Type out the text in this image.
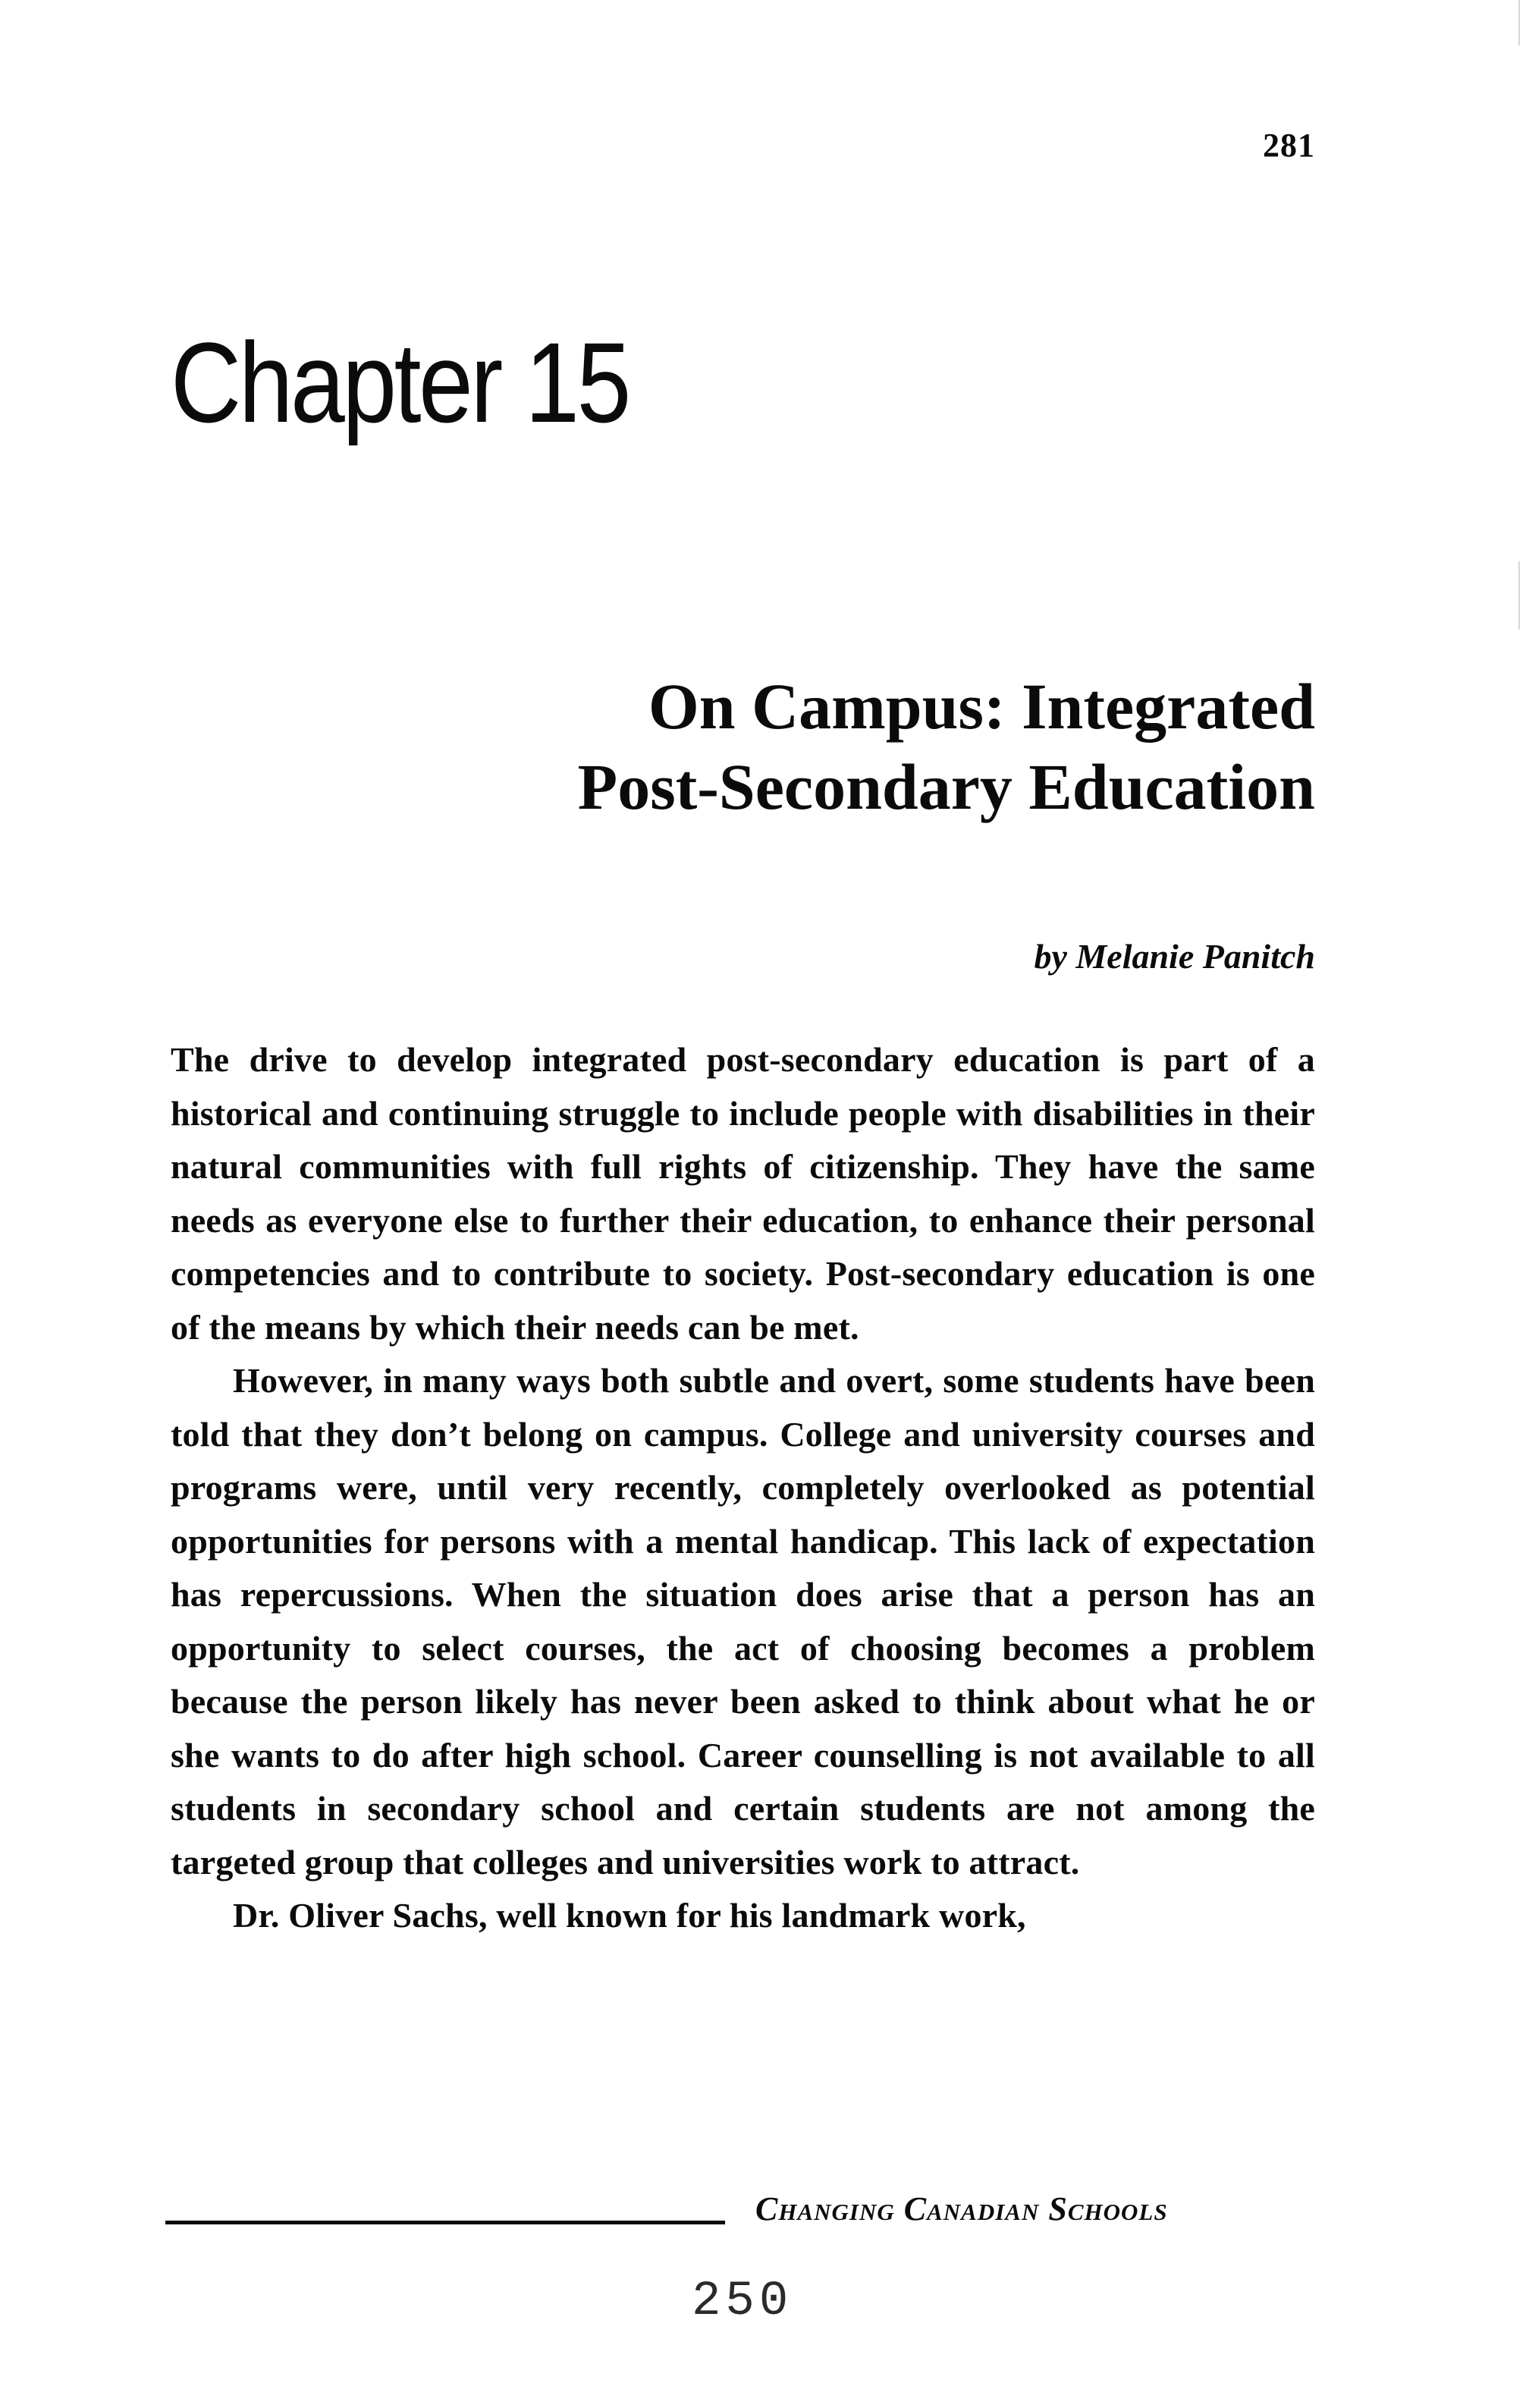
281
Chapter 15
On Campus: Integrated
Post-Secondary Education
by Melanie Panitch

The drive to develop integrated post-secondary education is part of a historical and continuing struggle to include people with disabilities in their natural communities with full rights of citizenship. They have the same needs as everyone else to further their education, to enhance their personal competencies and to contribute to society. Post-secondary education is one of the means by which their needs can be met.

However, in many ways both subtle and overt, some students have been told that they don’t belong on campus. College and university courses and programs were, until very recently, completely overlooked as potential opportunities for persons with a mental handicap. This lack of expectation has repercussions. When the situation does arise that a person has an opportunity to select courses, the act of choosing becomes a problem because the person likely has never been asked to think about what he or she wants to do after high school. Career counselling is not available to all students in secondary school and certain students are not among the targeted group that colleges and universities work to attract.

Dr. Oliver Sachs, well known for his landmark work,

Changing Canadian Schools
250
